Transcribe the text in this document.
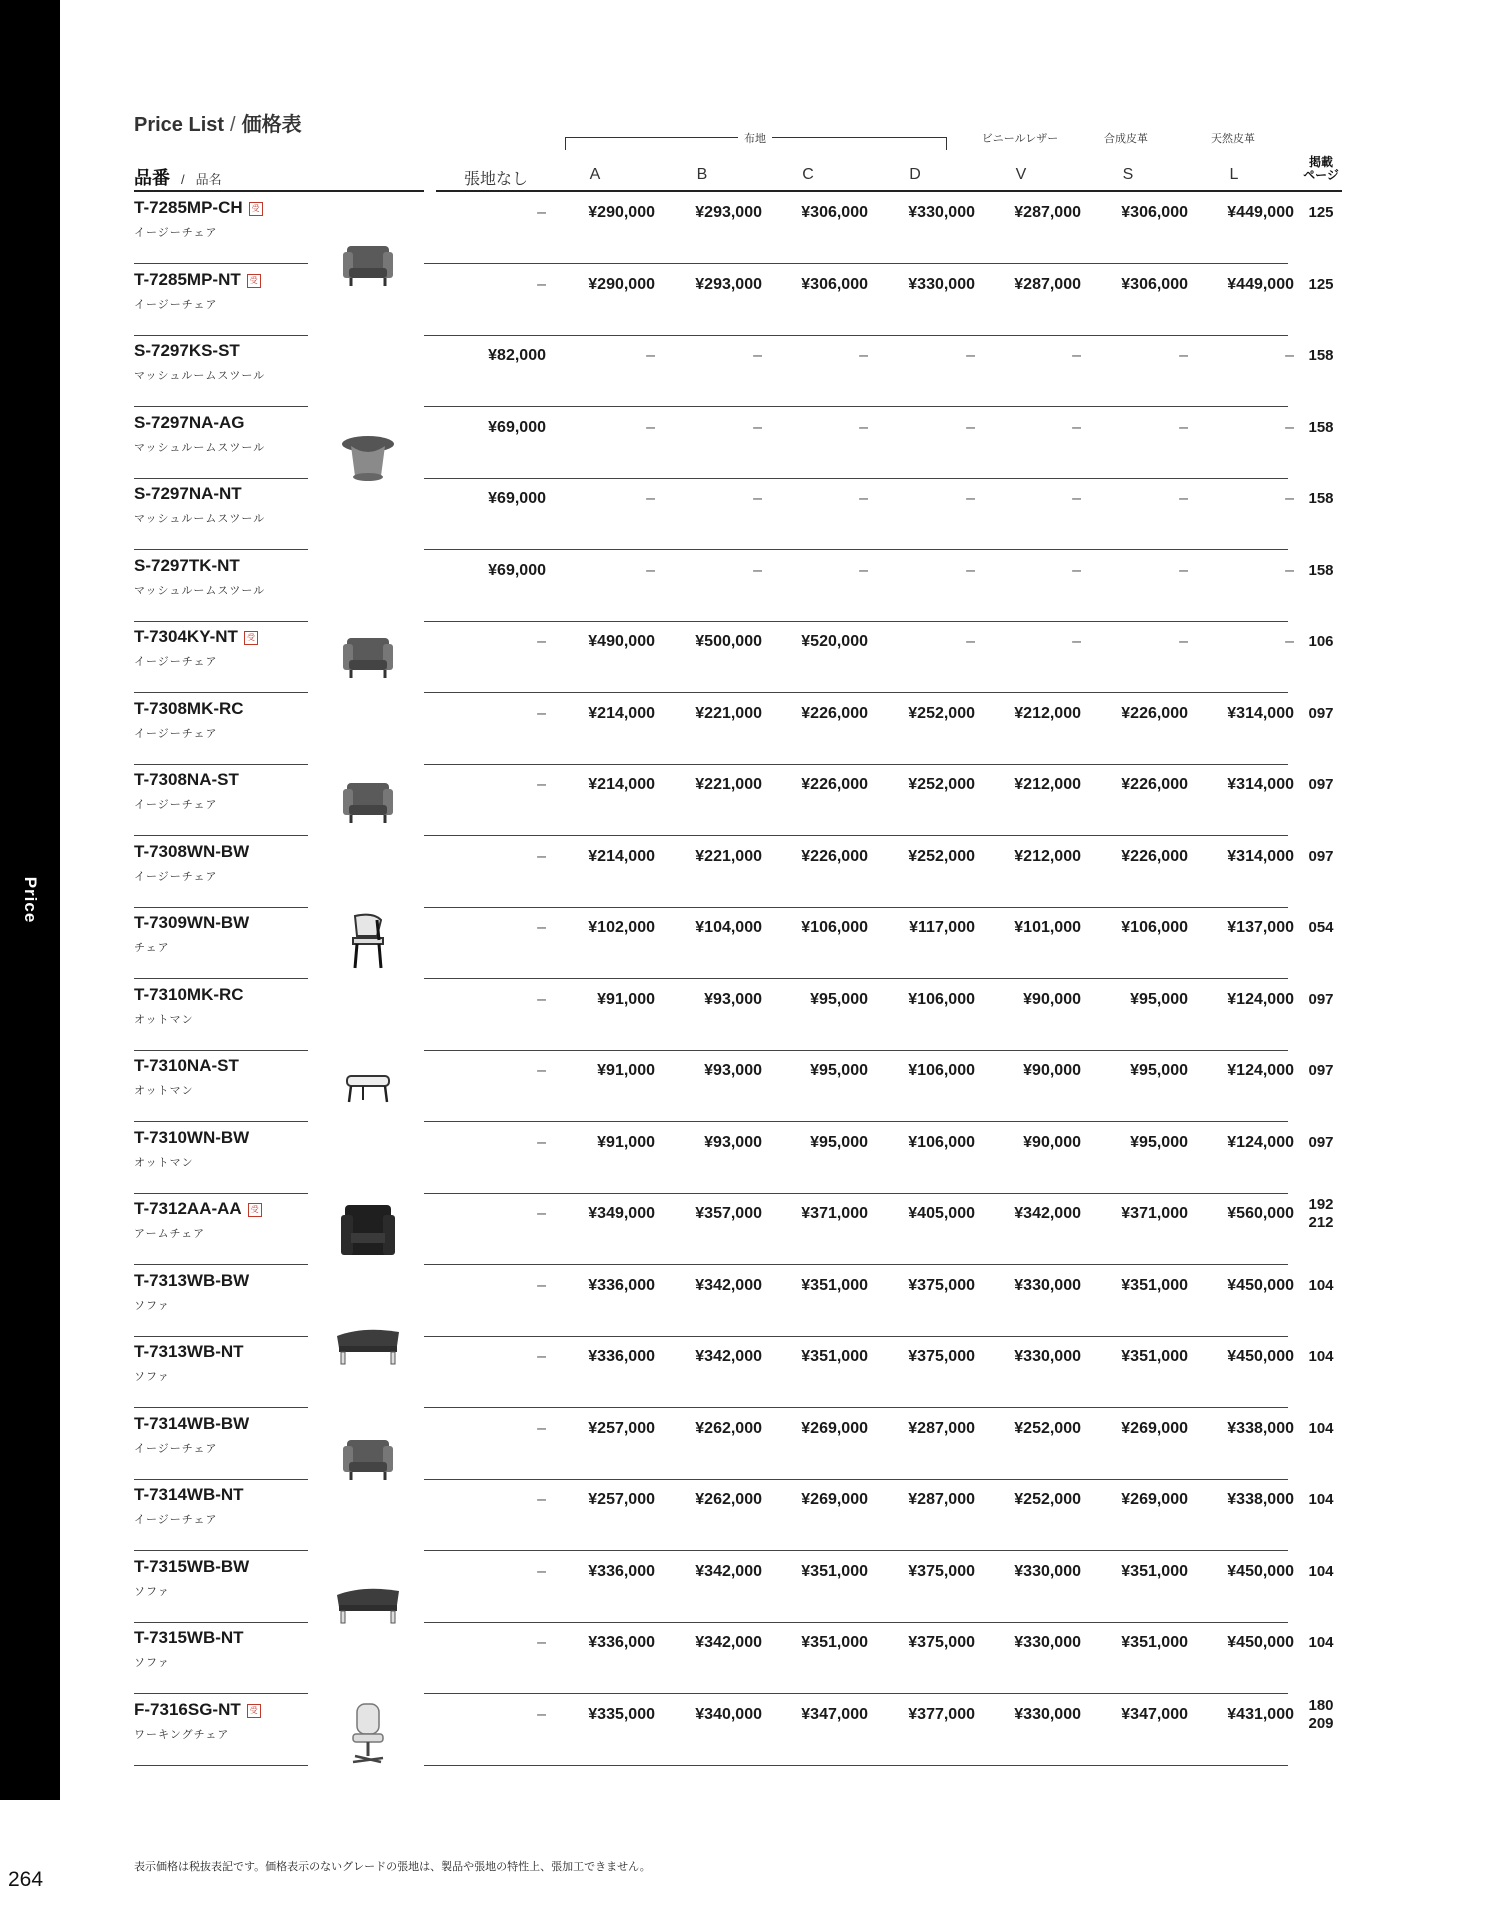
Price
264
Price List / 価格表
布地	ビニールレザー	合成皮革	天然皮革
品番 / 品名	張地なし	A	B	C	D	V	S	L
掲載
ページ
T-7285MP-CH 受
イージーチェア
–	¥290,000	¥293,000	¥306,000	¥330,000	¥287,000	¥306,000	¥449,000 125
T-7285MP-NT 受
イージーチェア
–	¥290,000	¥293,000	¥306,000	¥330,000	¥287,000	¥306,000	¥449,000 125
S-7297KS-ST
マッシュルームスツール
¥82,000	–	–	–	–	–	–	– 158
S-7297NA-AG
マッシュルームスツール
¥69,000	–	–	–	–	–	–	– 158
S-7297NA-NT
マッシュルームスツール
¥69,000	–	–	–	–	–	–	– 158
S-7297TK-NT
マッシュルームスツール
¥69,000	–	–	–	–	–	–	– 158
T-7304KY-NT 受
イージーチェア
–	¥490,000	¥500,000	¥520,000	–	–	–	– 106
T-7308MK-RC
イージーチェア
–	¥214,000	¥221,000	¥226,000	¥252,000	¥212,000	¥226,000	¥314,000 097
T-7308NA-ST
イージーチェア
–	¥214,000	¥221,000	¥226,000	¥252,000	¥212,000	¥226,000	¥314,000 097
T-7308WN-BW
イージーチェア
–	¥214,000	¥221,000	¥226,000	¥252,000	¥212,000	¥226,000	¥314,000 097
T-7309WN-BW
チェア
–	¥102,000	¥104,000	¥106,000	¥117,000	¥101,000	¥106,000	¥137,000 054
T-7310MK-RC
オットマン
–	¥91,000	¥93,000	¥95,000	¥106,000	¥90,000	¥95,000	¥124,000 097
T-7310NA-ST
オットマン
–	¥91,000	¥93,000	¥95,000	¥106,000	¥90,000	¥95,000	¥124,000 097
T-7310WN-BW
オットマン
–	¥91,000	¥93,000	¥95,000	¥106,000	¥90,000	¥95,000	¥124,000 097
T-7312AA-AA 受
アームチェア
–	¥349,000	¥357,000	¥371,000	¥405,000	¥342,000	¥371,000	¥560,000
192
212
T-7313WB-BW
ソファ
–	¥336,000	¥342,000	¥351,000	¥375,000	¥330,000	¥351,000	¥450,000 104
T-7313WB-NT
ソファ
–	¥336,000	¥342,000	¥351,000	¥375,000	¥330,000	¥351,000	¥450,000 104
T-7314WB-BW
イージーチェア
–	¥257,000	¥262,000	¥269,000	¥287,000	¥252,000	¥269,000	¥338,000 104
T-7314WB-NT
イージーチェア
–	¥257,000	¥262,000	¥269,000	¥287,000	¥252,000	¥269,000	¥338,000 104
T-7315WB-BW
ソファ
–	¥336,000	¥342,000	¥351,000	¥375,000	¥330,000	¥351,000	¥450,000 104
T-7315WB-NT
ソファ
–	¥336,000	¥342,000	¥351,000	¥375,000	¥330,000	¥351,000	¥450,000 104
F-7316SG-NT 受
ワーキングチェア
–	¥335,000	¥340,000	¥347,000	¥377,000	¥330,000	¥347,000	¥431,000
180
209
表示価格は税抜表記です。価格表示のないグレードの張地は、製品や張地の特性上、張加工できません。
